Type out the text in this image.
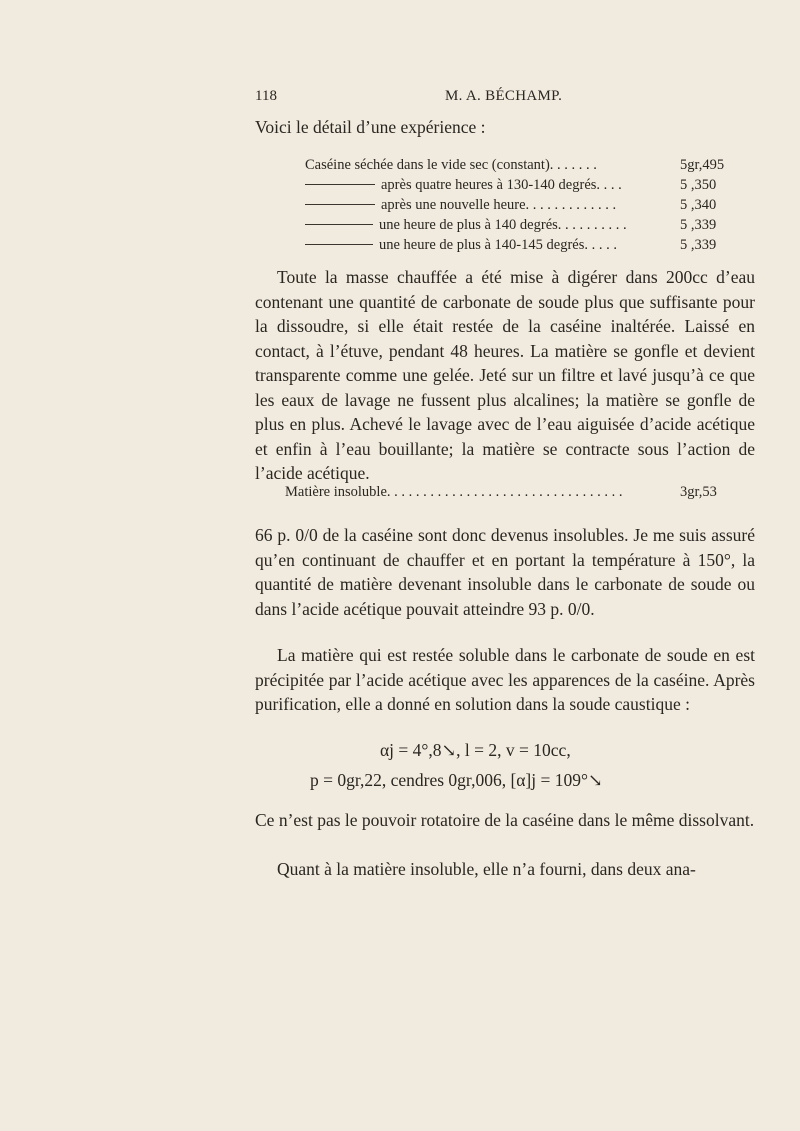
118	M. A. BÉCHAMP.
Voici le détail d’une expérience :
Caséine séchée dans le vide sec (constant). . . . . . .	5gr,495
après quatre heures à 130-140 degrés. . . .	5 ,350
après une nouvelle heure. . . . . . . . . . . . .	5 ,340
une heure de plus à 140 degrés. . . . . . . . . .	5 ,339
une heure de plus à 140-145 degrés. . . . .	5 ,339
Toute la masse chauffée a été mise à digérer dans 200cc d’eau contenant une quantité de carbonate de soude plus que suffisante pour la dissoudre, si elle était restée de la caséine inaltérée. Laissé en contact, à l’étuve, pendant 48 heures. La matière se gonfle et devient transparente comme une gelée. Jeté sur un filtre et lavé jusqu’à ce que les eaux de lavage ne fussent plus alcalines; la matière se gonfle de plus en plus. Achevé le lavage avec de l’eau aiguisée d’acide acétique et enfin à l’eau bouillante; la matière se contracte sous l’action de l’acide acétique.
Matière insoluble. . . . . . . . . . . . . . . . . . . . . . . . . . . . . . . . .	3gr,53
66 p. 0/0 de la caséine sont donc devenus insolubles. Je me suis assuré qu’en continuant de chauffer et en portant la température à 150°, la quantité de matière devenant insoluble dans le carbonate de soude ou dans l’acide acétique pouvait atteindre 93 p. 0/0.
La matière qui est restée soluble dans le carbonate de soude en est précipitée par l’acide acétique avec les apparences de la caséine. Après purification, elle a donné en solution dans la soude caustique :
αj = 4°,8↘, l = 2, v = 10cc,
p = 0gr,22, cendres 0gr,006, [α]j = 109°↘
Ce n’est pas le pouvoir rotatoire de la caséine dans le même dissolvant.
Quant à la matière insoluble, elle n’a fourni, dans deux ana-
